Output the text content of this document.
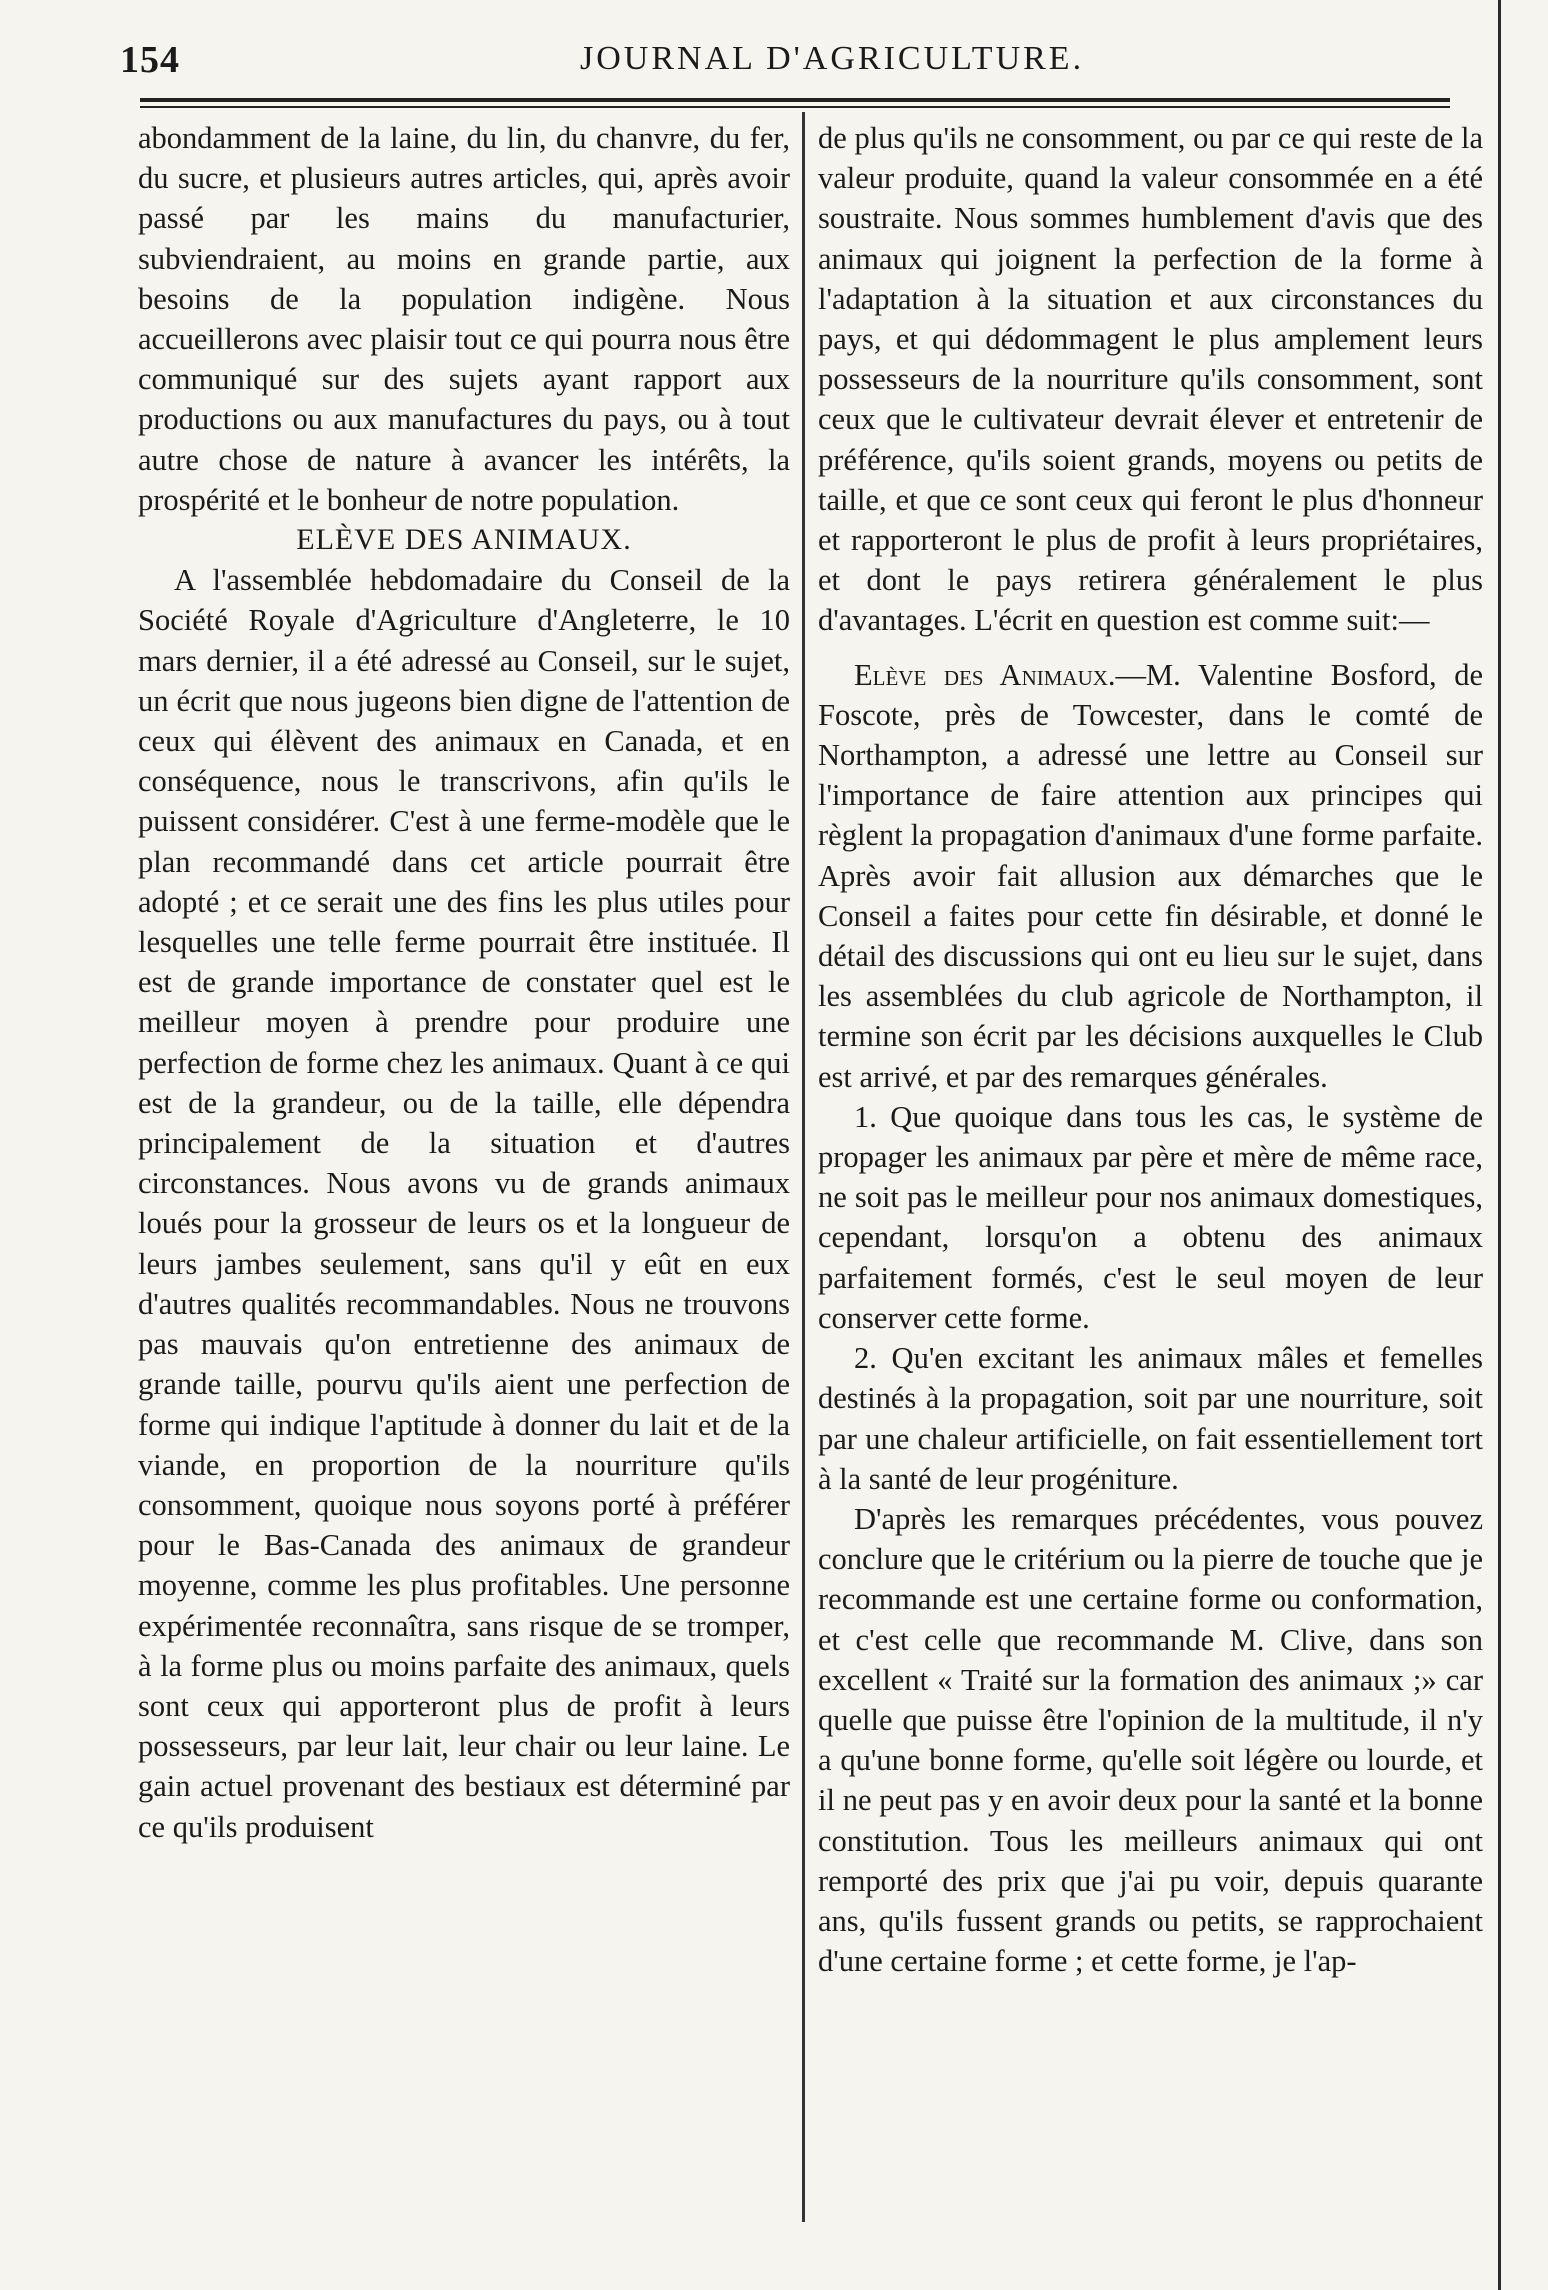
154	JOURNAL D'AGRICULTURE.

abondamment de la laine, du lin, du chanvre, du fer, du sucre, et plusieurs autres articles, qui, après avoir passé par les mains du manufacturier, subviendraient, au moins en grande partie, aux besoins de la population indigène. Nous accueillerons avec plaisir tout ce qui pourra nous être communiqué sur des sujets ayant rapport aux productions ou aux manufactures du pays, ou à tout autre chose de nature à avancer les intérêts, la prospérité et le bonheur de notre population.

ELÈVE DES ANIMAUX.

A l'assemblée hebdomadaire du Conseil de la Société Royale d'Agriculture d'Angleterre, le 10 mars dernier, il a été adressé au Conseil, sur le sujet, un écrit que nous jugeons bien digne de l'attention de ceux qui élèvent des animaux en Canada, et en conséquence, nous le transcrivons, afin qu'ils le puissent considérer. C'est à une ferme-modèle que le plan recommandé dans cet article pourrait être adopté ; et ce serait une des fins les plus utiles pour lesquelles une telle ferme pourrait être instituée. Il est de grande importance de constater quel est le meilleur moyen à prendre pour produire une perfection de forme chez les animaux. Quant à ce qui est de la grandeur, ou de la taille, elle dépendra principalement de la situation et d'autres circonstances. Nous avons vu de grands animaux loués pour la grosseur de leurs os et la longueur de leurs jambes seulement, sans qu'il y eût en eux d'autres qualités recommandables. Nous ne trouvons pas mauvais qu'on entretienne des animaux de grande taille, pourvu qu'ils aient une perfection de forme qui indique l'aptitude à donner du lait et de la viande, en proportion de la nourriture qu'ils consomment, quoique nous soyons porté à préférer pour le Bas-Canada des animaux de grandeur moyenne, comme les plus profitables. Une personne expérimentée reconnaîtra, sans risque de se tromper, à la forme plus ou moins parfaite des animaux, quels sont ceux qui apporteront plus de profit à leurs possesseurs, par leur lait, leur chair ou leur laine. Le gain actuel provenant des bestiaux est déterminé par ce qu'ils produisent

de plus qu'ils ne consomment, ou par ce qui reste de la valeur produite, quand la valeur consommée en a été soustraite. Nous sommes humblement d'avis que des animaux qui joignent la perfection de la forme à l'adaptation à la situation et aux circonstances du pays, et qui dédommagent le plus amplement leurs possesseurs de la nourriture qu'ils consomment, sont ceux que le cultivateur devrait élever et entretenir de préférence, qu'ils soient grands, moyens ou petits de taille, et que ce sont ceux qui feront le plus d'honneur et rapporteront le plus de profit à leurs propriétaires, et dont le pays retirera généralement le plus d'avantages. L'écrit en question est comme suit:—

Elève des Animaux.—M. Valentine Bosford, de Foscote, près de Towcester, dans le comté de Northampton, a adressé une lettre au Conseil sur l'importance de faire attention aux principes qui règlent la propagation d'animaux d'une forme parfaite. Après avoir fait allusion aux démarches que le Conseil a faites pour cette fin désirable, et donné le détail des discussions qui ont eu lieu sur le sujet, dans les assemblées du club agricole de Northampton, il termine son écrit par les décisions auxquelles le Club est arrivé, et par des remarques générales.

1. Que quoique dans tous les cas, le système de propager les animaux par père et mère de même race, ne soit pas le meilleur pour nos animaux domestiques, cependant, lorsqu'on a obtenu des animaux parfaitement formés, c'est le seul moyen de leur conserver cette forme.

2. Qu'en excitant les animaux mâles et femelles destinés à la propagation, soit par une nourriture, soit par une chaleur artificielle, on fait essentiellement tort à la santé de leur progéniture.

D'après les remarques précédentes, vous pouvez conclure que le critérium ou la pierre de touche que je recommande est une certaine forme ou conformation, et c'est celle que recommande M. Clive, dans son excellent « Traité sur la formation des animaux ;» car quelle que puisse être l'opinion de la multitude, il n'y a qu'une bonne forme, qu'elle soit légère ou lourde, et il ne peut pas y en avoir deux pour la santé et la bonne constitution. Tous les meilleurs animaux qui ont remporté des prix que j'ai pu voir, depuis quarante ans, qu'ils fussent grands ou petits, se rapprochaient d'une certaine forme ; et cette forme, je l'ap-
